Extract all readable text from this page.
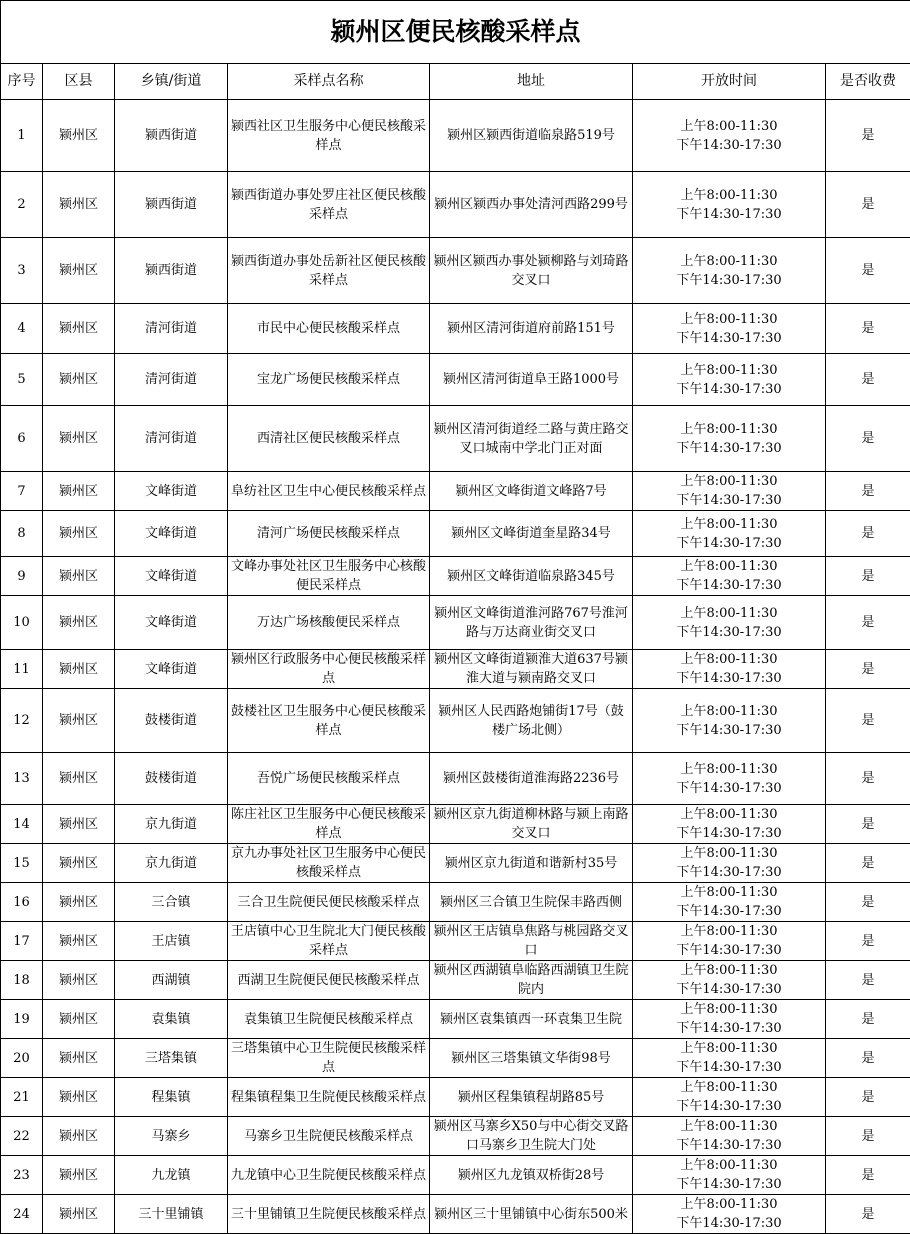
颍州区便民核酸采样点						
序号	区县	乡镇/街道	采样点名称	地址	开放时间	是否收费
1	颍州区	颍西街道	颍西社区卫生服务中心便民核酸采样点	颍州区颍西街道临泉路519号	上午8:00-11:30
下午14:30-17:30	是
2	颍州区	颍西街道	颍西街道办事处罗庄社区便民核酸采样点	颍州区颍西办事处清河西路299号	上午8:00-11:30
下午14:30-17:30	是
3	颍州区	颍西街道	颍西街道办事处岳新社区便民核酸采样点	颍州区颍西办事处颍柳路与刘琦路交叉口	上午8:00-11:30
下午14:30-17:30	是
4	颍州区	清河街道	市民中心便民核酸采样点	颍州区清河街道府前路151号	上午8:00-11:30
下午14:30-17:30	是
5	颍州区	清河街道	宝龙广场便民核酸采样点	颍州区清河街道阜王路1000号	上午8:00-11:30
下午14:30-17:30	是
6	颍州区	清河街道	西清社区便民核酸采样点	颍州区清河街道经二路与黄庄路交叉口城南中学北门正对面	上午8:00-11:30
下午14:30-17:30	是
7	颍州区	文峰街道	阜纺社区卫生中心便民核酸采样点	颍州区文峰街道文峰路7号	上午8:00-11:30
下午14:30-17:30	是
8	颍州区	文峰街道	清河广场便民核酸采样点	颍州区文峰街道奎星路34号	上午8:00-11:30
下午14:30-17:30	是
9	颍州区	文峰街道	文峰办事处社区卫生服务中心核酸便民采样点	颍州区文峰街道临泉路345号	上午8:00-11:30
下午14:30-17:30	是
10	颍州区	文峰街道	万达广场核酸便民采样点	颍州区文峰街道淮河路767号淮河路与万达商业街交叉口	上午8:00-11:30
下午14:30-17:30	是
11	颍州区	文峰街道	颍州区行政服务中心便民核酸采样点	颍州区文峰街道颍淮大道637号颍淮大道与颍南路交叉口	上午8:00-11:30
下午14:30-17:30	是
12	颍州区	鼓楼街道	鼓楼社区卫生服务中心便民核酸采样点	颍州区人民西路炮铺街17号（鼓楼广场北侧）	上午8:00-11:30
下午14:30-17:30	是
13	颍州区	鼓楼街道	吾悦广场便民核酸采样点	颍州区鼓楼街道淮海路2236号	上午8:00-11:30
下午14:30-17:30	是
14	颍州区	京九街道	陈庄社区卫生服务中心便民核酸采样点	颍州区京九街道柳林路与颍上南路交叉口	上午8:00-11:30
下午14:30-17:30	是
15	颍州区	京九街道	京九办事处社区卫生服务中心便民核酸采样点	颍州区京九街道和谐新村35号	上午8:00-11:30
下午14:30-17:30	是
16	颍州区	三合镇	三合卫生院便民便民核酸采样点	颍州区三合镇卫生院保丰路西侧	上午8:00-11:30
下午14:30-17:30	是
17	颍州区	王店镇	王店镇中心卫生院北大门便民核酸采样点	颍州区王店镇阜焦路与桃园路交叉口	上午8:00-11:30
下午14:30-17:30	是
18	颍州区	西湖镇	西湖卫生院便民便民核酸采样点	颍州区西湖镇阜临路西湖镇卫生院院内	上午8:00-11:30
下午14:30-17:30	是
19	颍州区	袁集镇	袁集镇卫生院便民核酸采样点	颍州区袁集镇西一环袁集卫生院	上午8:00-11:30
下午14:30-17:30	是
20	颍州区	三塔集镇	三塔集镇中心卫生院便民核酸采样点	颍州区三塔集镇文华街98号	上午8:00-11:30
下午14:30-17:30	是
21	颍州区	程集镇	程集镇程集卫生院便民核酸采样点	颍州区程集镇程胡路85号	上午8:00-11:30
下午14:30-17:30	是
22	颍州区	马寨乡	马寨乡卫生院便民核酸采样点	颍州区马寨乡X50与中心街交叉路口马寨乡卫生院大门处	上午8:00-11:30
下午14:30-17:30	是
23	颍州区	九龙镇	九龙镇中心卫生院便民核酸采样点	颍州区九龙镇双桥街28号	上午8:00-11:30
下午14:30-17:30	是
24	颍州区	三十里铺镇	三十里铺镇卫生院便民核酸采样点	颍州区三十里铺镇中心街东500米	上午8:00-11:30
下午14:30-17:30	是
